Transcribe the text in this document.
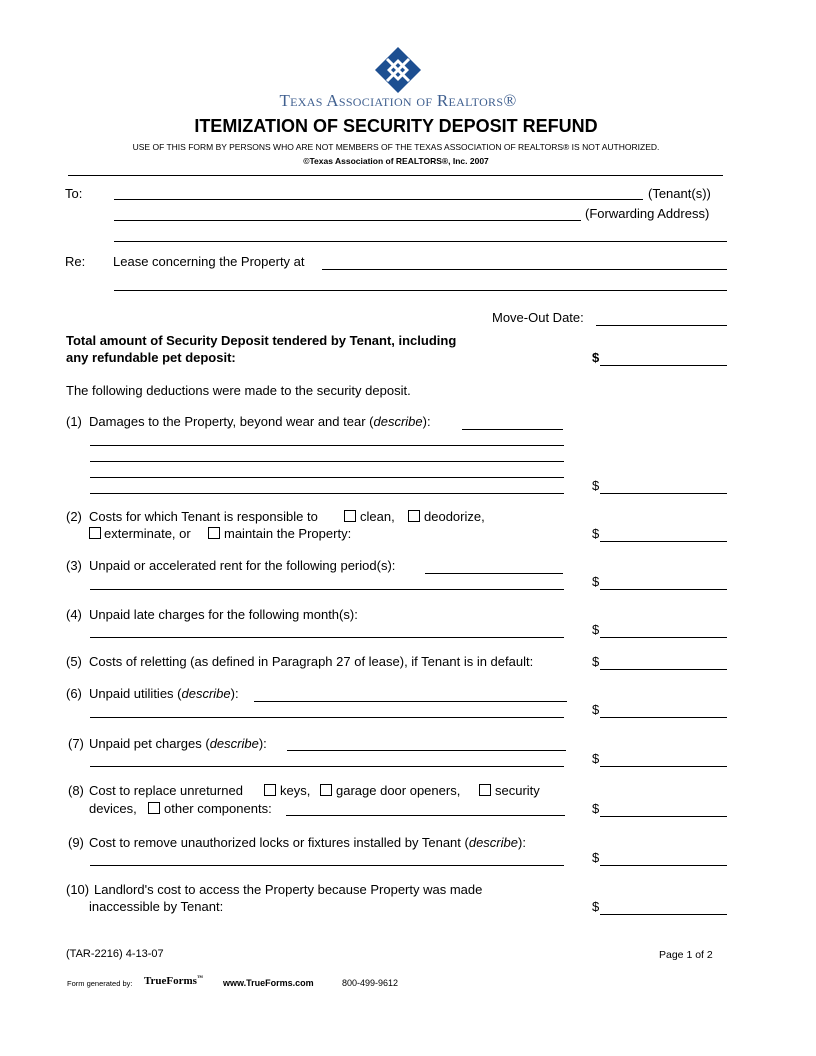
Texas Association of Realtors®
ITEMIZATION OF SECURITY DEPOSIT REFUND
USE OF THIS FORM BY PERSONS WHO ARE NOT MEMBERS OF THE TEXAS ASSOCIATION OF REALTORS® IS NOT AUTHORIZED.
©Texas Association of REALTORS®, Inc. 2007
To:	(Tenant(s))
(Forwarding Address)
Re: Lease concerning the Property at
Move-Out Date:
Total amount of Security Deposit tendered by Tenant, including
any refundable pet deposit:	$
The following deductions were made to the security deposit.
(1) Damages to the Property, beyond wear and tear (describe):
$
(2) Costs for which Tenant is responsible to	clean, deodorize,
exterminate, or	maintain the Property:	$
(3) Unpaid or accelerated rent for the following period(s):
$
(4) Unpaid late charges for the following month(s):
$
(5) Costs of reletting (as defined in Paragraph 27 of lease), if Tenant is in default:	$
(6) Unpaid utilities (describe):
$
(7) Unpaid pet charges (describe):
$
(8) Cost to replace unreturned	keys, garage door openers,	security
devices, other components:	$
(9) Cost to remove unauthorized locks or fixtures installed by Tenant (describe):
$
(10) Landlord's cost to access the Property because Property was made
inaccessible by Tenant:	$
(TAR-2216) 4-13-07	Page 1 of 2
Form generated by: TrueForms™ www.TrueForms.com	800-499-9612
